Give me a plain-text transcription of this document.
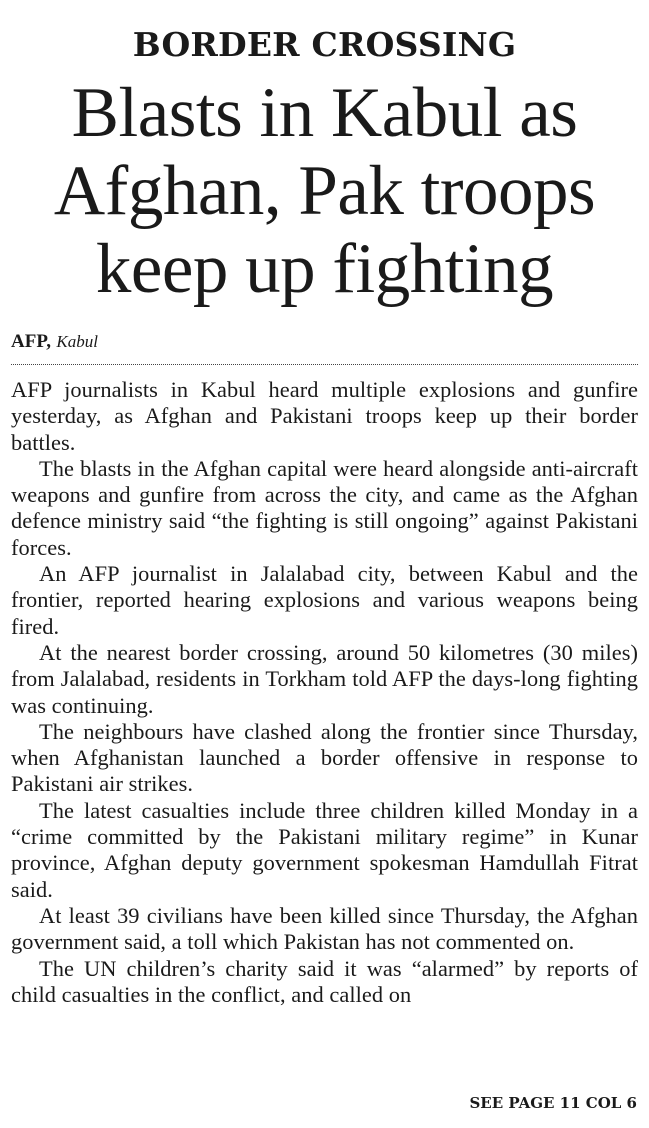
BORDER CROSSING
Blasts in Kabul as
Afghan, Pak troops
keep up fighting
AFP, Kabul

AFP journalists in Kabul heard multiple explosions and gunfire yesterday, as Afghan and Pakistani troops keep up their border battles.

The blasts in the Afghan capital were heard alongside anti-aircraft weapons and gunfire from across the city, and came as the Afghan defence ministry said “the fighting is still ongoing” against Pakistani forces.

An AFP journalist in Jalalabad city, between Kabul and the frontier, reported hearing explosions and various weapons being fired.

At the nearest border crossing, around 50 kilometres (30 miles) from Jalalabad, residents in Torkham told AFP the days-long fighting was continuing.

The neighbours have clashed along the frontier since Thursday, when Afghanistan launched a border offensive in response to Pakistani air strikes.

The latest casualties include three children killed Monday in a “crime committed by the Pakistani military regime” in Kunar province, Afghan deputy government spokesman Hamdullah Fitrat said.

At least 39 civilians have been killed since Thursday, the Afghan government said, a toll which Pakistan has not commented on.

The UN children’s charity said it was “alarmed” by reports of child casualties in the conflict, and called on

SEE PAGE 11 COL 6
